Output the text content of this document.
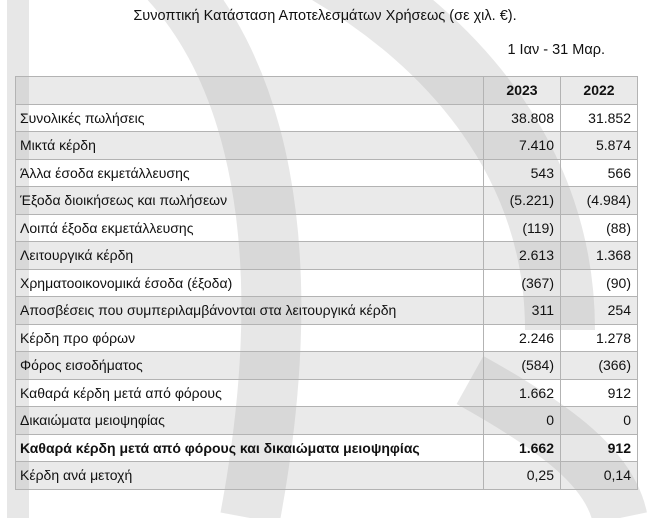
Συνοπτική Κατάσταση Αποτελεσμάτων Χρήσεως (σε χιλ. €).
1 Ιαν - 31 Μαρ.
	2023	2022
Συνολικές πωλήσεις	38.808	31.852
Μικτά κέρδη	7.410	5.874
Άλλα έσοδα εκμετάλλευσης	543	566
Έξοδα διοικήσεως και πωλήσεων	(5.221)	(4.984)
Λοιπά έξοδα εκμετάλλευσης	(119)	(88)
Λειτουργικά κέρδη	2.613	1.368
Χρηματοοικονομικά έσοδα (έξοδα)	(367)	(90)
Αποσβέσεις που συμπεριλαμβάνονται στα λειτουργικά κέρδη	311	254
Κέρδη προ φόρων	2.246	1.278
Φόρος εισοδήματος	(584)	(366)
Καθαρά κέρδη μετά από φόρους	1.662	912
Δικαιώματα μειοψηφίας	0	0
Καθαρά κέρδη μετά από φόρους και δικαιώματα μειοψηφίας	1.662	912
Κέρδη ανά μετοχή	0,25	0,14
